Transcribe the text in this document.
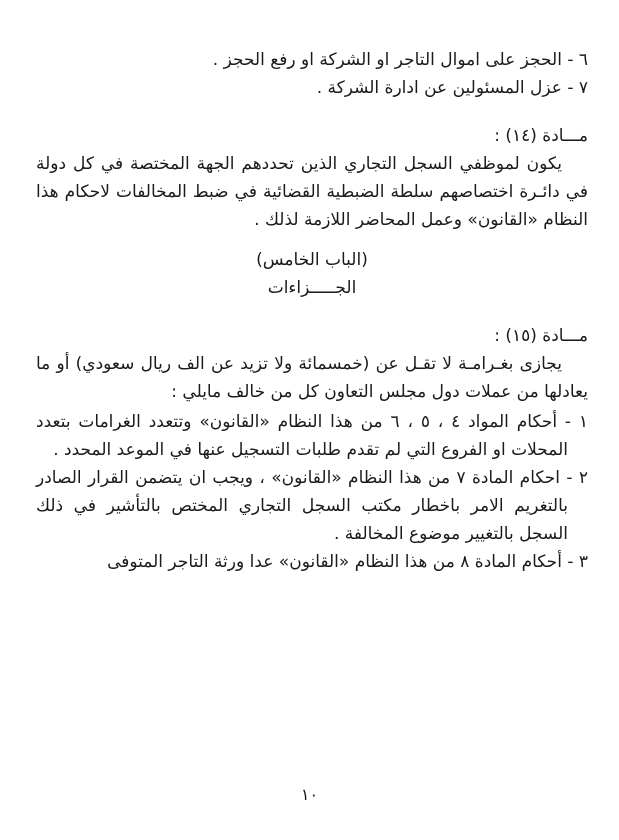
٦ - الحجز على اموال التاجر او الشركة او رفع الحجز .
٧ - عزل المسئولين عن ادارة الشركة .
مـــادة (١٤) :

يكون لموظفي السجل التجاري الذين تحددهم الجهة المختصة في كل دولة في دائـرة اختصاصهم سلطة الضبطية القضائية في ضبط المخالفات لاحكام هذا النظام «القانون» وعمل المحاضر اللازمة لذلك .

(الباب الخامس)
الجـــــزاءات
مـــادة (١٥) :

يجازى بغـرامـة لا تقـل عن (خمسمائة ولا تزيد عن الف ريال سعودي) أو ما يعادلها من عملات دول مجلس التعاون كل من خالف مايلي :

١ - أحكام المواد ٤ ، ٥ ، ٦ من هذا النظام «القانون» وتتعدد الغرامات بتعدد المحلات او الفروع التي لم تقدم طلبات التسجيل عنها في الموعد المحدد .
٢ - احكام المادة ٧ من هذا النظام «القانون» ، ويجب ان يتضمن القرار الصادر بالتغريم الامر باخطار مكتب السجل التجاري المختص بالتأشير في ذلك السجل بالتغيير موضوع المخالفة .
٣ - أحكام المادة ٨ من هذا النظام «القانون» عدا ورثة التاجر المتوفى
١٠
